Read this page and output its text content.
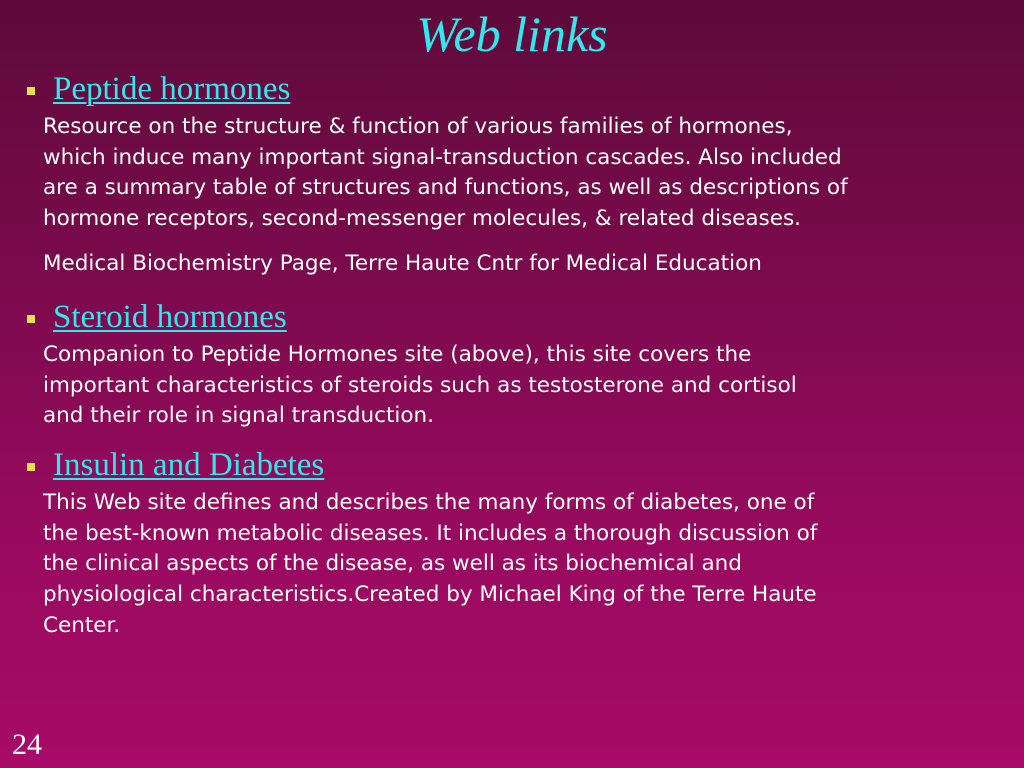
Web links
Peptide hormones

Resource on the structure & function of various families of hormones,
which induce many important signal-transduction cascades. Also included
are a summary table of structures and functions, as well as descriptions of
hormone receptors, second-messenger molecules, & related diseases.

Medical Biochemistry Page, Terre Haute Cntr for Medical Education

Steroid hormones

Companion to Peptide Hormones site (above), this site covers the
important characteristics of steroids such as testosterone and cortisol
and their role in signal transduction.

Insulin and Diabetes

This Web site defines and describes the many forms of diabetes, one of
the best-known metabolic diseases. It includes a thorough discussion of
the clinical aspects of the disease, as well as its biochemical and
physiological characteristics.Created by Michael King of the Terre Haute
Center.

24
